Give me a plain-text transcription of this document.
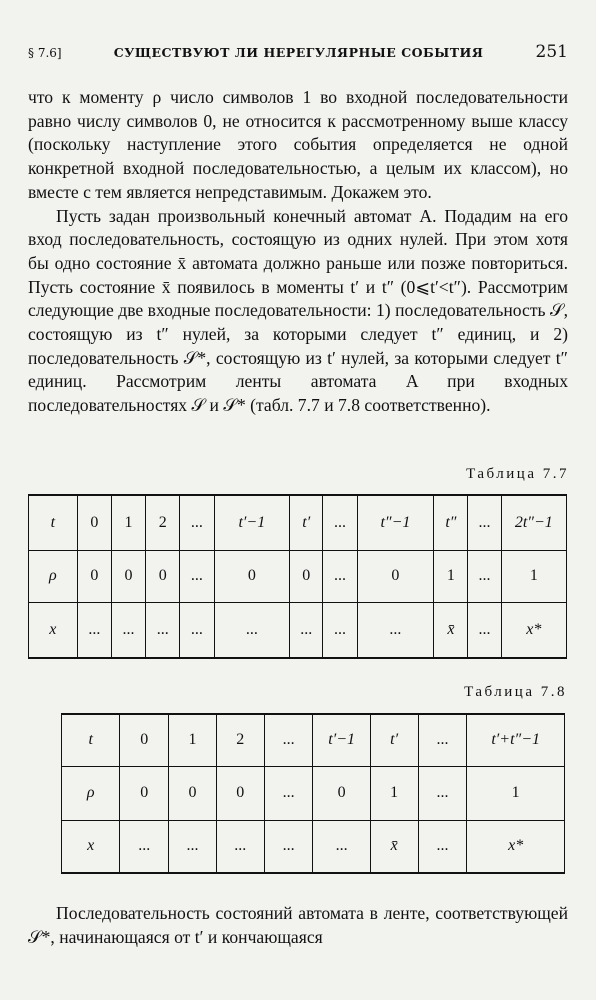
§ 7.6]	СУЩЕСТВУЮТ ЛИ НЕРЕГУЛЯРНЫЕ СОБЫТИЯ	251

что к моменту ρ число символов 1 во входной последовательности равно числу символов 0, не относится к рассмотренному выше классу (поскольку наступление этого события определяется не одной конкретной входной последовательностью, а целым их классом), но вместе с тем является непредставимым. Докажем это.

Пусть задан произвольный конечный автомат A. Подадим на его вход последовательность, состоящую из одних нулей. При этом хотя бы одно состояние x̄ автомата должно раньше или позже повториться. Пусть состояние x̄ появилось в моменты t′ и t″ (0⩽t′<t″). Рассмотрим следующие две входные последовательности: 1) последовательность 𝒮, состоящую из t″ нулей, за которыми следует t″ единиц, и 2) последовательность 𝒮*, состоящую из t′ нулей, за которыми следует t″ единиц. Рассмотрим ленты автомата A при входных последовательностях 𝒮 и 𝒮* (табл. 7.7 и 7.8 соответственно).

Таблица 7.7
t	0	1	2	...	t′−1	t′	...	t″−1	t″	...	2t″−1
ρ	0	0	0	...	0	0	...	0	1	...	1
x	...	...	...	...	...	...	...	...	x̄	...	x*
Таблица 7.8
t	0	1	2	...	t′−1	t′	...	t′+t″−1
ρ	0	0	0	...	0	1	...	1
x	...	...	...	...	...	x̄	...	x*

Последовательность состояний автомата в ленте, соответствующей 𝒮*, начинающаяся от t′ и кончающаяся
